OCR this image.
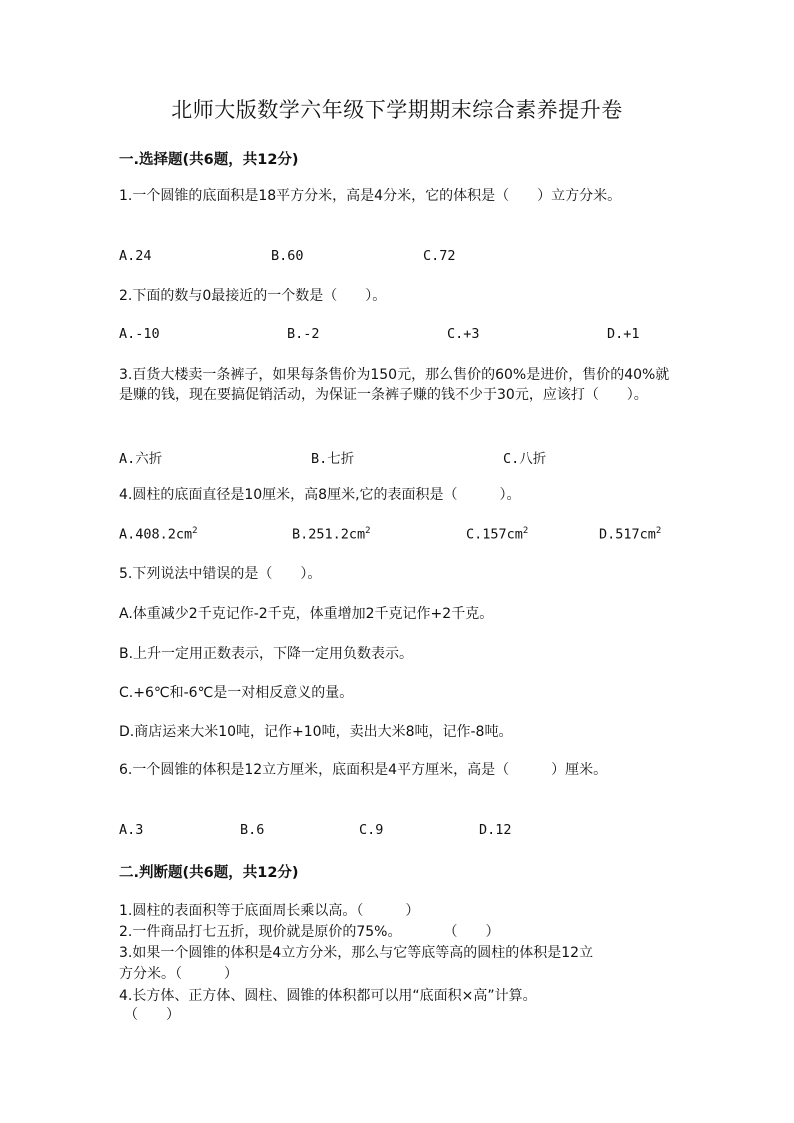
北师大版数学六年级下学期期末综合素养提升卷
一.选择题(共6题，共12分)
1.一个圆锥的底面积是18平方分米，高是4分米，它的体积是（　　）立方分米。
A.24	B.60	C.72
2.下面的数与0最接近的一个数是（　　）。
A.-10	B.-2	C.+3	D.+1
3.百货大楼卖一条裤子，如果每条售价为150元，那么售价的60%是进价，售价的40%就是赚的钱，现在要搞促销活动，为保证一条裤子赚的钱不少于30元，应该打（　　）。
A.六折	B.七折	C.八折
4.圆柱的底面直径是10厘米，高8厘米,它的表面积是（　　　）。
$A.408.2cm^2$	$B.251.2cm^2$	$C.157cm^2$	$D.517cm^2$
5.下列说法中错误的是（　　）。
A.体重减少2千克记作-2千克，体重增加2千克记作+2千克。
B.上升一定用正数表示，下降一定用负数表示。
C.+6℃和-6℃是一对相反意义的量。
D.商店运来大米10吨，记作+10吨，卖出大米8吨，记作-8吨。
6.一个圆锥的体积是12立方厘米，底面积是4平方厘米，高是（　　　）厘米。
A.3	B.6	C.9	D.12
二.判断题(共6题，共12分)
1.圆柱的表面积等于底面周长乘以高。（　　　）
2.一件商品打七五折，现价就是原价的75%。　　　　（　　）
3.如果一个圆锥的体积是4立方分米，那么与它等底等高的圆柱的体积是12立
方分米。（　　　）
4.长方体、正方体、圆柱、圆锥的体积都可以用“底面积×高”计算。
（　　）
